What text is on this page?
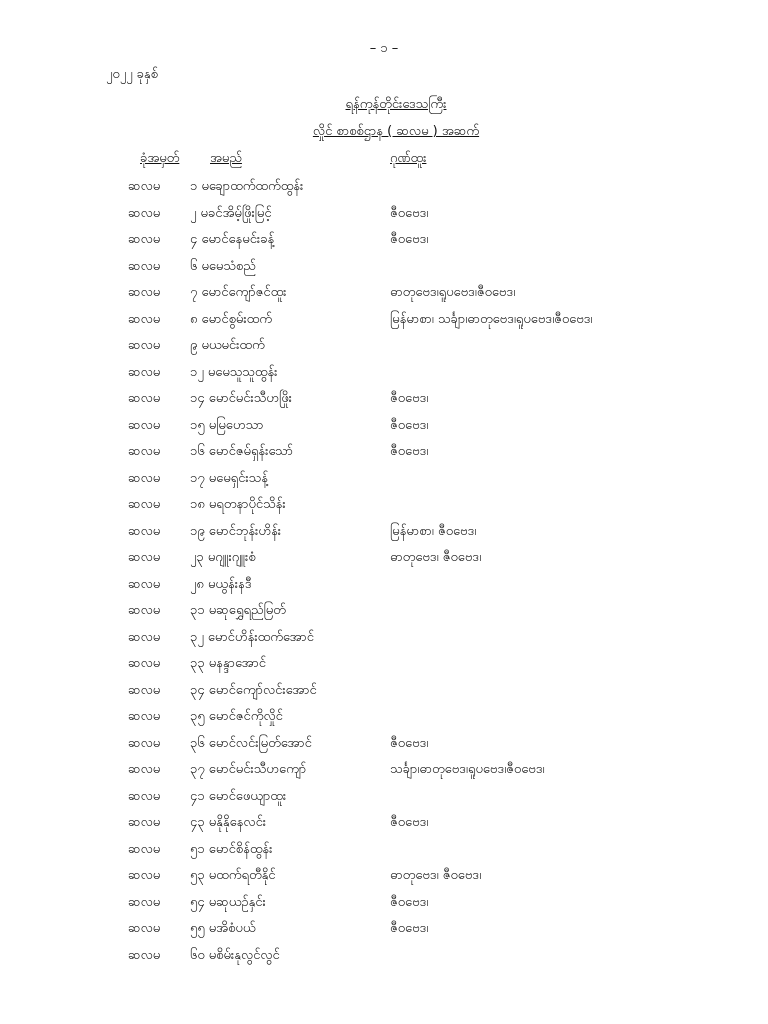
– ၁ –
၂၀၂၂ ခုနှစ်
ရန်ကုန်တိုင်းဒေသကြီး
လှိုင် စာစစ်ဌာန ( ဆလမ ) အဆက်
ခုံအမှတ် အမည်	ဂုဏ်ထူး
ဆလမ ၁ မချောထက်ထက်ထွန်း
ဆလမ ၂ မခင်အိမ့်ဖြိုးမြင့်	ဇီဝဗေဒ၊
ဆလမ ၄ မောင်နေမင်းခန့်	ဇီဝဗေဒ၊
ဆလမ ၆ မမေသံစည်
ဆလမ ၇ မောင်ကျော်ဇင်ထူး	ဓာတုဗေဒ၊ရူပဗေဒ၊ဇီဝဗေဒ၊
ဆလမ ၈ မောင်စွမ်းထက်	မြန်မာစာ၊ သင်္ချာ၊ဓာတုဗေဒ၊ရူပဗေဒ၊ဇီဝဗေဒ၊
ဆလမ ၉ မယမင်းထက်
ဆလမ ၁၂ မမေသူသူထွန်း
ဆလမ ၁၄ မောင်မင်းသီဟဖြိုး	ဇီဝဗေဒ၊
ဆလမ ၁၅ မမြဟေသာ	ဇီဝဗေဒ၊
ဆလမ ၁၆ မောင်ဇမ်ရှန်းသော်	ဇီဝဗေဒ၊
ဆလမ ၁၇ မမေရှင်းသန့်
ဆလမ ၁၈ မရတနာပိုင်သိန်း
ဆလမ ၁၉ မောင်ဘုန်းဟိန်း	မြန်မာစာ၊ ဇီဝဗေဒ၊
ဆလမ ၂၃ မဂျူးဂျူးစံ	ဓာတုဗေဒ၊ ဇီဝဗေဒ၊
ဆလမ ၂၈ မယွန်းနဒီ
ဆလမ ၃၁ မဆုရွှေရည်မြတ်
ဆလမ ၃၂ မောင်ဟိန်းထက်အောင်
ဆလမ ၃၃ မနန္ဒာအောင်
ဆလမ ၃၄ မောင်ကျော်လင်းအောင်
ဆလမ ၃၅ မောင်ဇင်ကိုလှိုင်
ဆလမ ၃၆ မောင်လင်းမြတ်အောင်	ဇီဝဗေဒ၊
ဆလမ ၃၇ မောင်မင်းသီဟကျော်	သင်္ချာ၊ဓာတုဗေဒ၊ရူပဗေဒ၊ဇီဝဗေဒ၊
ဆလမ ၄၁ မောင်ဖေယျာထူး
ဆလမ ၄၃ မနိုနိုနေလင်း	ဇီဝဗေဒ၊
ဆလမ ၅၁ မောင်စိန်ထွန်း
ဆလမ ၅၃ မထက်ရတီနိုင်	ဓာတုဗေဒ၊ ဇီဝဗေဒ၊
ဆလမ ၅၄ မဆုယဉ်နှင်း	ဇီဝဗေဒ၊
ဆလမ ၅၅ မအိစံပယ်	ဇီဝဗေဒ၊
ဆလမ ၆၀ မစိမ်းနုလွင်လွင်
